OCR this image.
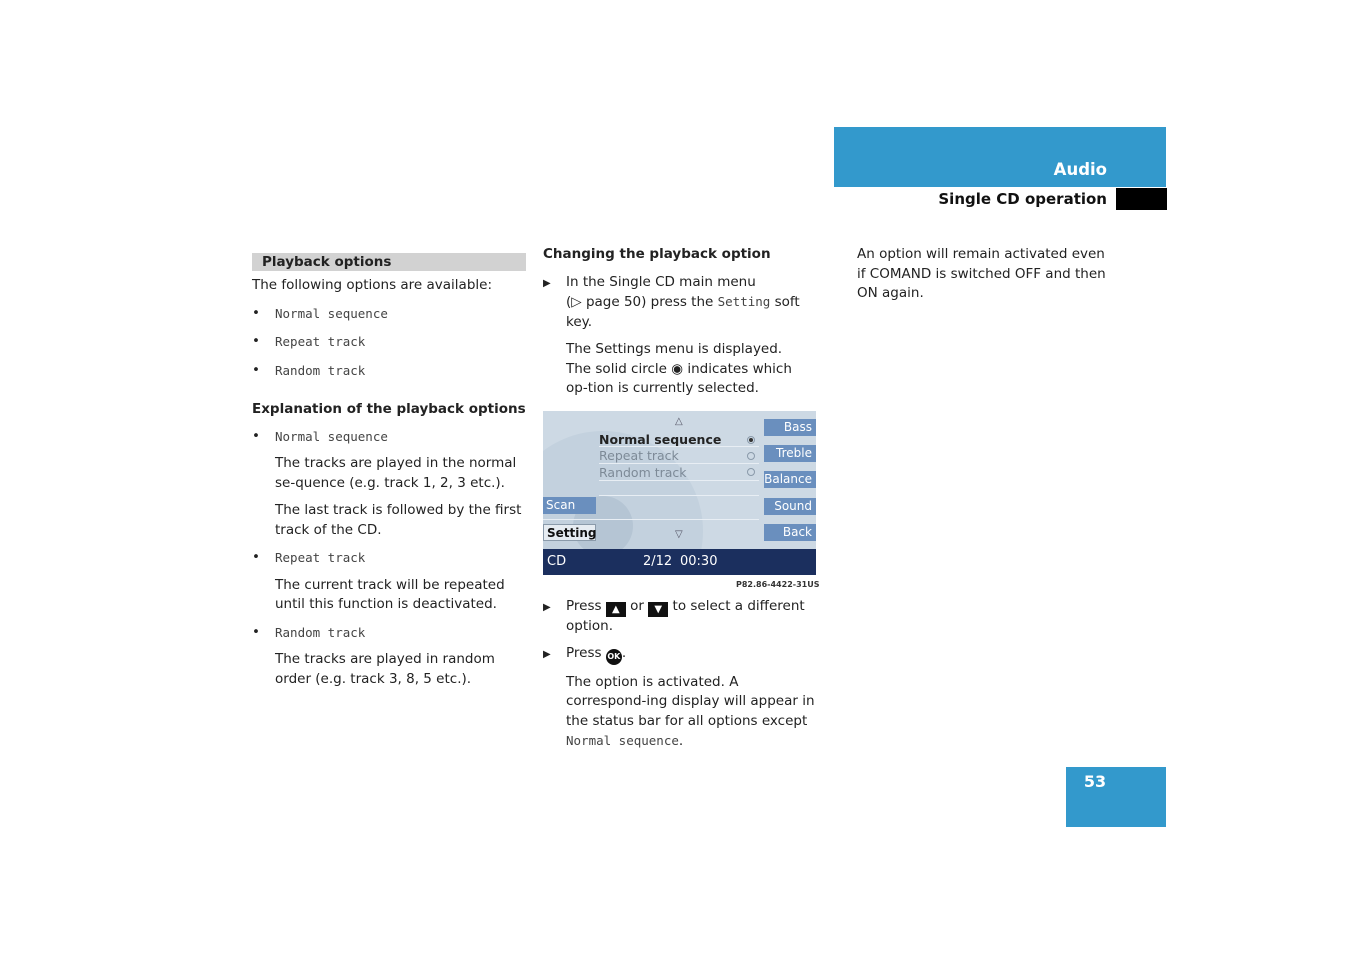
Audio
Single CD operation
Playback options

The following options are available:

• Normal sequence
• Repeat track
• Random track

Explanation of the playback options

• Normal sequence

The tracks are played in the normal se-quence (e.g. track 1, 2, 3 etc.).

The last track is followed by the first track of the CD.

• Repeat track

The current track will be repeated until this function is deactivated.

• Random track

The tracks are played in random order (e.g. track 3, 8, 5 etc.).

Changing the playback option

▶ In the Single CD main menu
(▷ page 50) press the Setting soft key.

The Settings menu is displayed.

The solid circle ◉ indicates which op-tion is currently selected.

△
▽
Normal sequence
Repeat track
Random track
Bass
Treble
Balance
Sound
Back
Scan
Setting
CD	2/12 00:30
P82.86-4422-31US
▶ Press ▲ or ▼ to select a different option.
▶ Press OK .

The option is activated. A correspond-ing display will appear in the status bar for all options except
Normal sequence.

An option will remain activated even if COMAND is switched OFF and then ON again.

53
